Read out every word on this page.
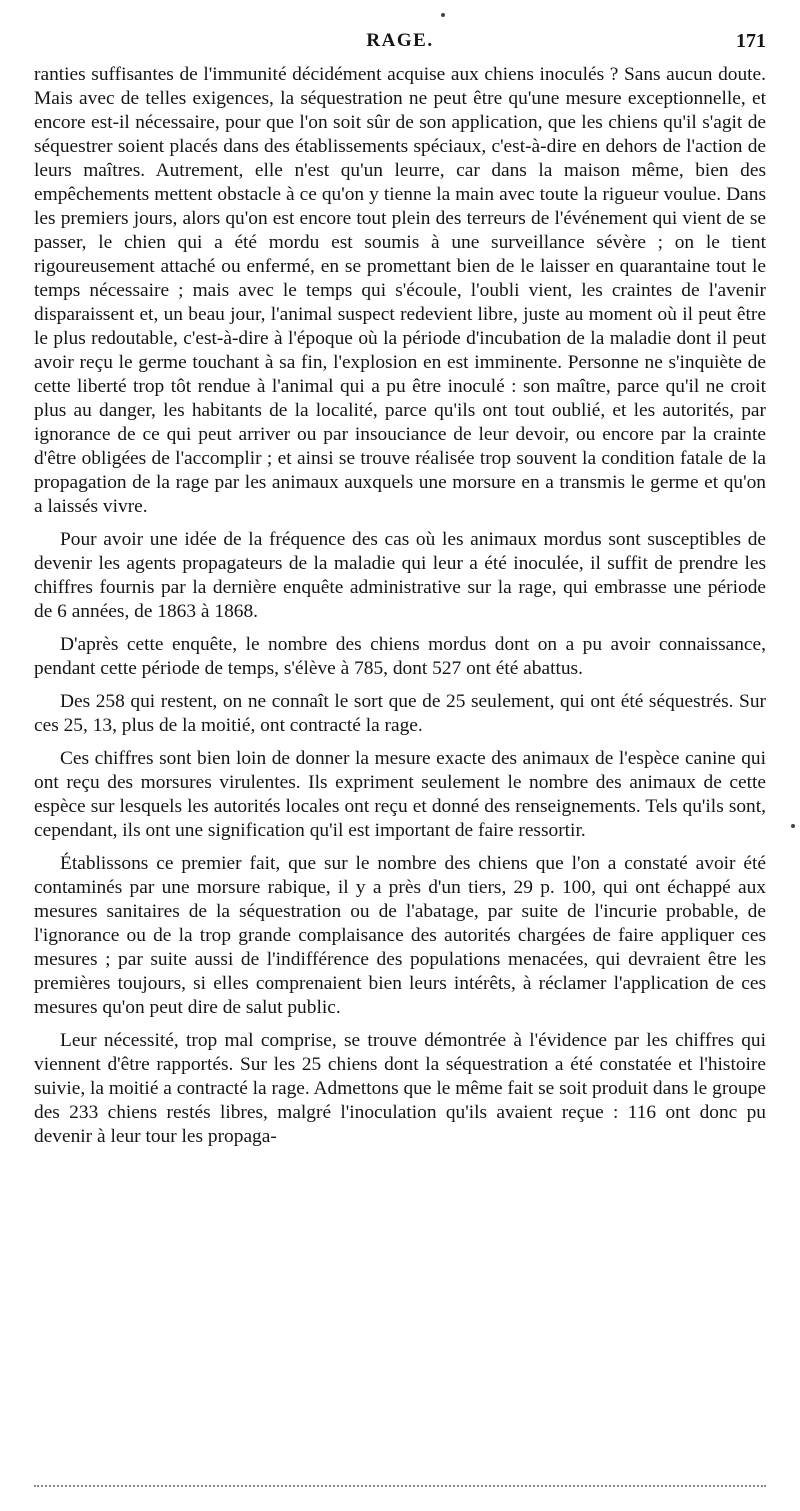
RAGE.	171

ranties suffisantes de l'immunité décidément acquise aux chiens inoculés ? Sans aucun doute. Mais avec de telles exigences, la séquestration ne peut être qu'une mesure exceptionnelle, et encore est-il nécessaire, pour que l'on soit sûr de son application, que les chiens qu'il s'agit de séquestrer soient placés dans des établissements spéciaux, c'est-à-dire en dehors de l'action de leurs maîtres. Autrement, elle n'est qu'un leurre, car dans la maison même, bien des empêchements mettent obstacle à ce qu'on y tienne la main avec toute la rigueur voulue. Dans les premiers jours, alors qu'on est encore tout plein des terreurs de l'événement qui vient de se passer, le chien qui a été mordu est soumis à une surveillance sévère ; on le tient rigoureusement attaché ou enfermé, en se promettant bien de le laisser en quarantaine tout le temps nécessaire ; mais avec le temps qui s'écoule, l'oubli vient, les craintes de l'avenir disparaissent et, un beau jour, l'animal suspect redevient libre, juste au moment où il peut être le plus redoutable, c'est-à-dire à l'époque où la période d'incubation de la maladie dont il peut avoir reçu le germe touchant à sa fin, l'explosion en est imminente. Personne ne s'inquiète de cette liberté trop tôt rendue à l'animal qui a pu être inoculé : son maître, parce qu'il ne croit plus au danger, les habitants de la localité, parce qu'ils ont tout oublié, et les autorités, par ignorance de ce qui peut arriver ou par insouciance de leur devoir, ou encore par la crainte d'être obligées de l'accomplir ; et ainsi se trouve réalisée trop souvent la condition fatale de la propagation de la rage par les animaux auxquels une morsure en a transmis le germe et qu'on a laissés vivre.

Pour avoir une idée de la fréquence des cas où les animaux mordus sont susceptibles de devenir les agents propagateurs de la maladie qui leur a été inoculée, il suffit de prendre les chiffres fournis par la dernière enquête administrative sur la rage, qui embrasse une période de 6 années, de 1863 à 1868.

D'après cette enquête, le nombre des chiens mordus dont on a pu avoir connaissance, pendant cette période de temps, s'élève à 785, dont 527 ont été abattus.

Des 258 qui restent, on ne connaît le sort que de 25 seulement, qui ont été séquestrés. Sur ces 25, 13, plus de la moitié, ont contracté la rage.

Ces chiffres sont bien loin de donner la mesure exacte des animaux de l'espèce canine qui ont reçu des morsures virulentes. Ils expriment seulement le nombre des animaux de cette espèce sur lesquels les autorités locales ont reçu et donné des renseignements. Tels qu'ils sont, cependant, ils ont une signification qu'il est important de faire ressortir.

Établissons ce premier fait, que sur le nombre des chiens que l'on a constaté avoir été contaminés par une morsure rabique, il y a près d'un tiers, 29 p. 100, qui ont échappé aux mesures sanitaires de la séquestration ou de l'abatage, par suite de l'incurie probable, de l'ignorance ou de la trop grande complaisance des autorités chargées de faire appliquer ces mesures ; par suite aussi de l'indifférence des populations menacées, qui devraient être les premières toujours, si elles comprenaient bien leurs intérêts, à réclamer l'application de ces mesures qu'on peut dire de salut public.

Leur nécessité, trop mal comprise, se trouve démontrée à l'évidence par les chiffres qui viennent d'être rapportés. Sur les 25 chiens dont la séquestration a été constatée et l'histoire suivie, la moitié a contracté la rage. Admettons que le même fait se soit produit dans le groupe des 233 chiens restés libres, malgré l'inoculation qu'ils avaient reçue : 116 ont donc pu devenir à leur tour les propaga-
